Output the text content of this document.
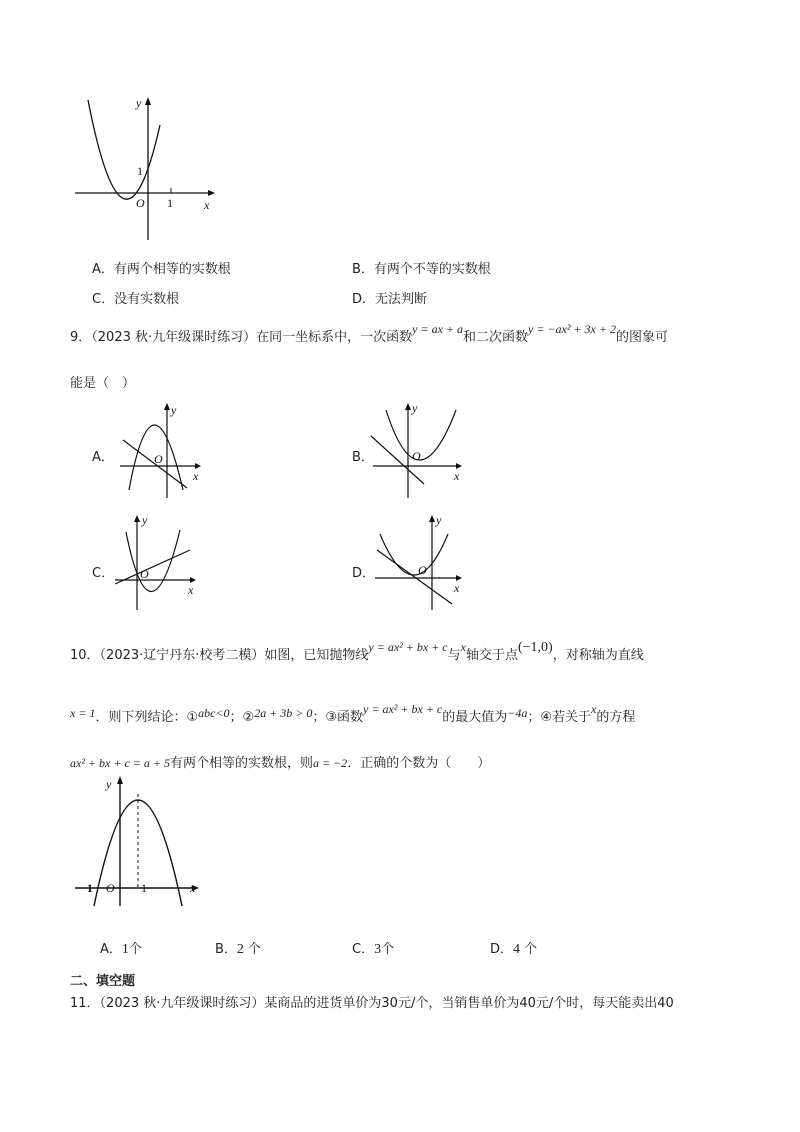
y
x
O 1
1
A．有两个相等的实数根	B．有两个不等的实数根
C．没有实数根	D．无法判断
9．（2023 秋·九年级课时练习）在同一坐标系中，一次函数y = ax + a和二次函数y = −ax² + 3x + 2的图象可
能是（　）
A．
y
x
O	B．
y
x
O
C．
y
x
O	D．
y
x
O
10．（2023·辽宁丹东·校考二模）如图，已知抛物线y = ax² + bx + c与x轴交于点(−1,0)，对称轴为直线
x = 1．则下列结论：①abc<0；②2a + 3b > 0；③函数y = ax² + bx + c的最大值为−4a；④若关于x的方程
ax² + bx + c = a + 5有两个相等的实数根，则a = −2．正确的个数为（　　）
y
x
O
−1	1
A．1个	B．2 个	C．3个	D．4 个
二、填空题
11．（2023 秋·九年级课时练习）某商品的进货单价为30元/个，当销售单价为40元/个时，每天能卖出40
